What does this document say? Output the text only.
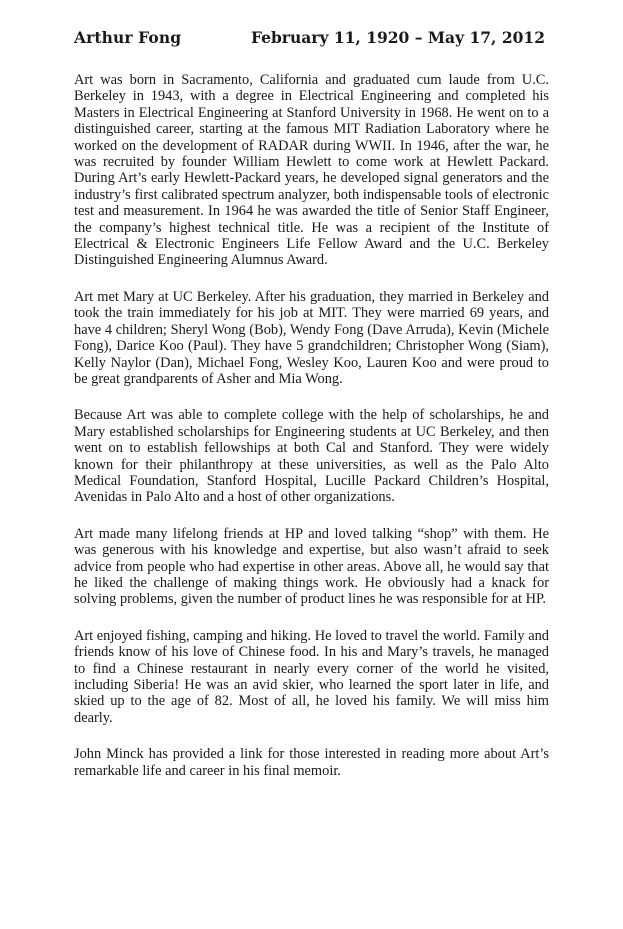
Arthur Fong	February 11, 1920 – May 17, 2012

Art was born in Sacramento, California and graduated cum laude from U.C. Berkeley in 1943, with a degree in Electrical Engineering and completed his Masters in Electrical Engineering at Stanford University in 1968. He went on to a distinguished career, starting at the famous MIT Radiation Laboratory where he worked on the development of RADAR during WWII. In 1946, after the war, he was recruited by founder William Hewlett to come work at Hewlett Packard. During Art’s early Hewlett-Packard years, he developed signal generators and the industry’s first calibrated spectrum analyzer, both indispensable tools of electronic test and measurement. In 1964 he was awarded the title of Senior Staff Engineer, the company’s highest technical title. He was a recipient of the Institute of Electrical & Electronic Engineers Life Fellow Award and the U.C. Berkeley Distinguished Engineering Alumnus Award.

Art met Mary at UC Berkeley. After his graduation, they married in Berkeley and took the train immediately for his job at MIT. They were married 69 years, and have 4 children; Sheryl Wong (Bob), Wendy Fong (Dave Arruda), Kevin (Michele Fong), Darice Koo (Paul). They have 5 grandchildren; Christopher Wong (Siam), Kelly Naylor (Dan), Michael Fong, Wesley Koo, Lauren Koo and were proud to be great grandparents of Asher and Mia Wong.

Because Art was able to complete college with the help of scholarships, he and Mary established scholarships for Engineering students at UC Berkeley, and then went on to establish fellowships at both Cal and Stanford. They were widely known for their philanthropy at these universities, as well as the Palo Alto Medical Foundation, Stanford Hospital, Lucille Packard Children’s Hospital, Avenidas in Palo Alto and a host of other organizations.

Art made many lifelong friends at HP and loved talking “shop” with them. He was generous with his knowledge and expertise, but also wasn’t afraid to seek advice from people who had expertise in other areas. Above all, he would say that he liked the challenge of making things work. He obviously had a knack for solving problems, given the number of product lines he was responsible for at HP.

Art enjoyed fishing, camping and hiking. He loved to travel the world. Family and friends know of his love of Chinese food. In his and Mary’s travels, he managed to find a Chinese restaurant in nearly every corner of the world he visited, including Siberia! He was an avid skier, who learned the sport later in life, and skied up to the age of 82. Most of all, he loved his family. We will miss him dearly.

John Minck has provided a link for those interested in reading more about Art’s remarkable life and career in his final memoir.
